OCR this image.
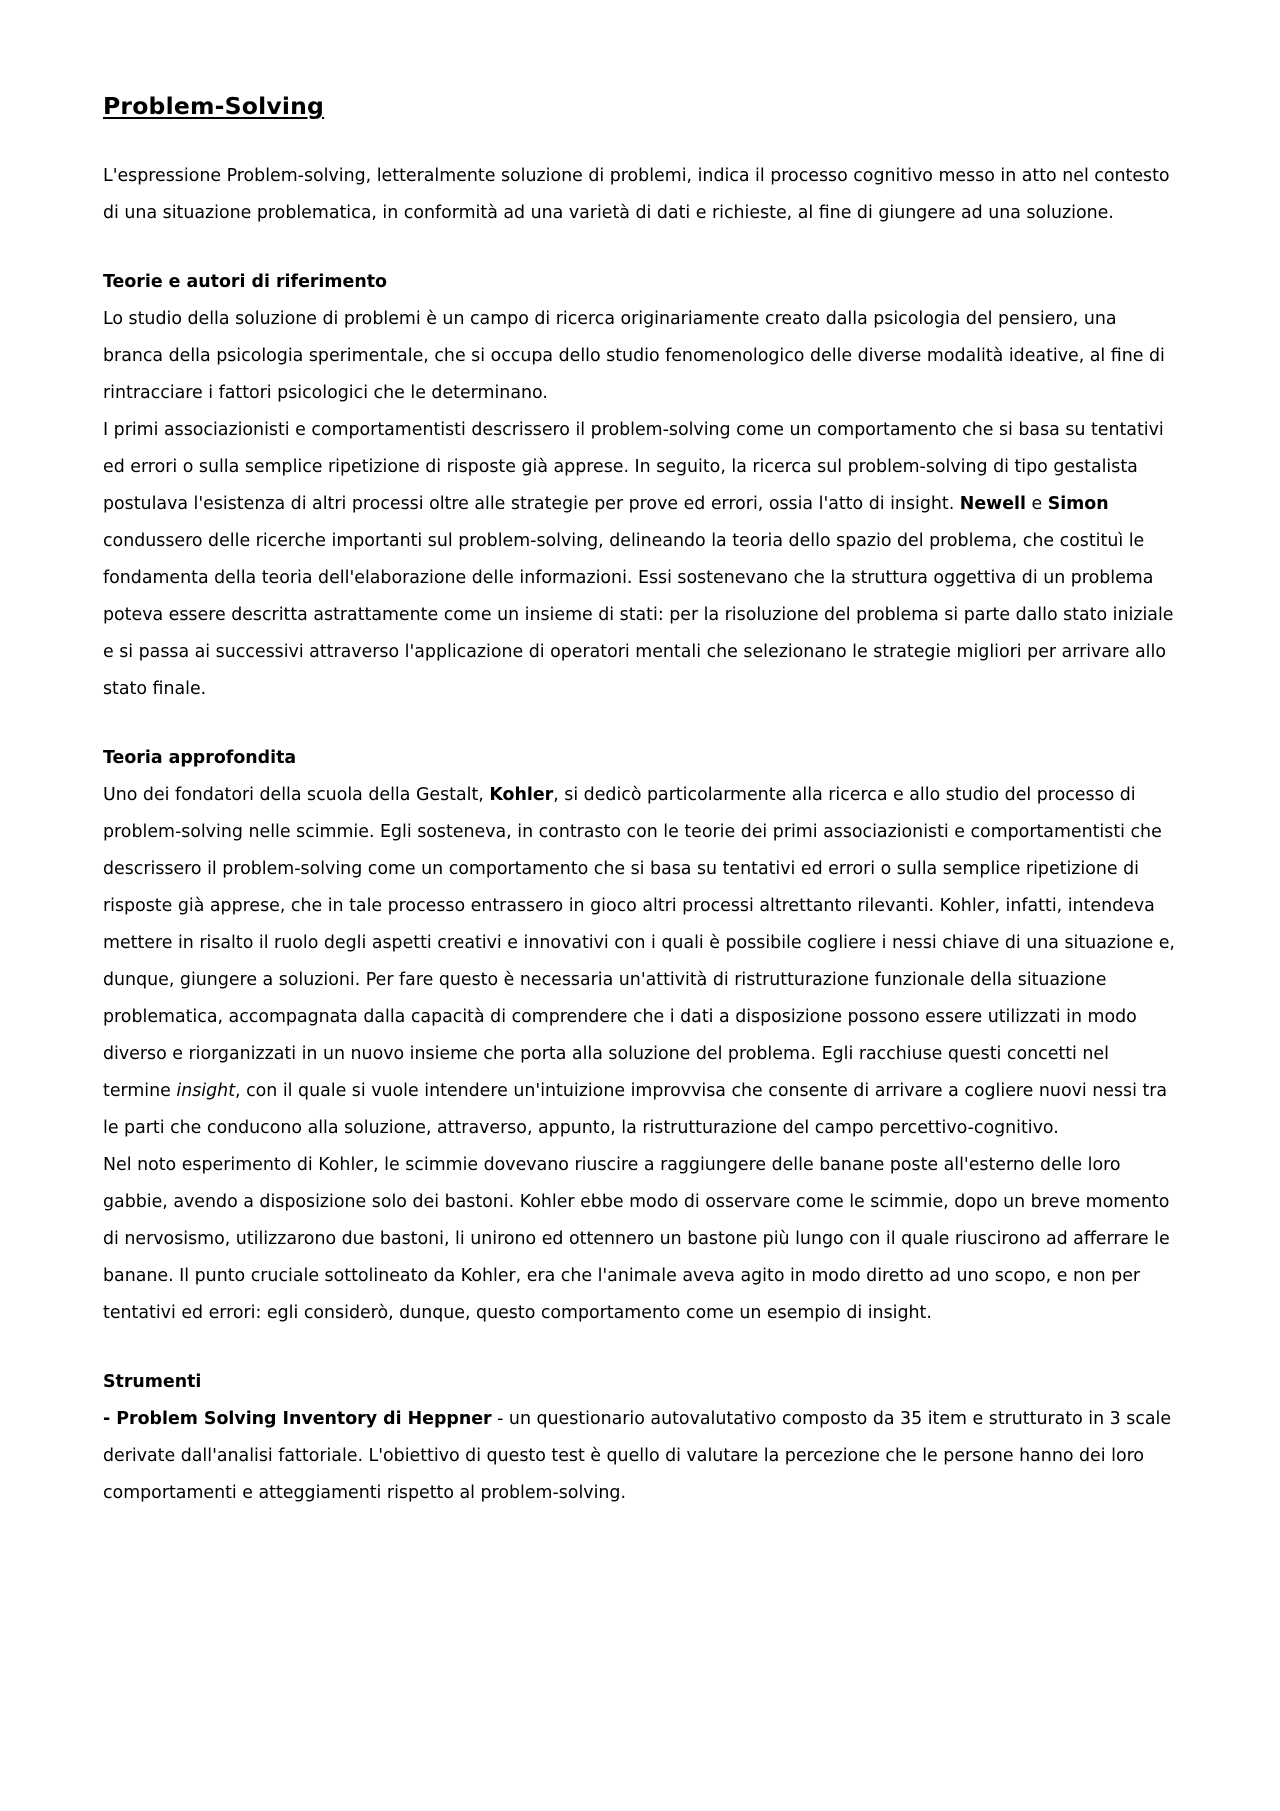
Problem-Solving

L'espressione Problem-solving, letteralmente soluzione di problemi, indica il processo cognitivo messo in atto nel contesto di una situazione problematica, in conformità ad una varietà di dati e richieste, al fine di giungere ad una soluzione.

Teorie e autori di riferimento

Lo studio della soluzione di problemi è un campo di ricerca originariamente creato dalla psicologia del pensiero, una branca della psicologia sperimentale, che si occupa dello studio fenomenologico delle diverse modalità ideative, al fine di rintracciare i fattori psicologici che le determinano.

I primi associazionisti e comportamentisti descrissero il problem-solving come un comportamento che si basa su tentativi ed errori o sulla semplice ripetizione di risposte già apprese. In seguito, la ricerca sul problem-solving di tipo gestalista postulava l'esistenza di altri processi oltre alle strategie per prove ed errori, ossia l'atto di insight. Newell e Simon condussero delle ricerche importanti sul problem-solving, delineando la teoria dello spazio del problema, che costituì le fondamenta della teoria dell'elaborazione delle informazioni. Essi sostenevano che la struttura oggettiva di un problema poteva essere descritta astrattamente come un insieme di stati: per la risoluzione del problema si parte dallo stato iniziale e si passa ai successivi attraverso l'applicazione di operatori mentali che selezionano le strategie migliori per arrivare allo stato finale.

Teoria approfondita

Uno dei fondatori della scuola della Gestalt, Kohler, si dedicò particolarmente alla ricerca e allo studio del processo di problem-solving nelle scimmie. Egli sosteneva, in contrasto con le teorie dei primi associazionisti e comportamentisti che descrissero il problem-solving come un comportamento che si basa su tentativi ed errori o sulla semplice ripetizione di risposte già apprese, che in tale processo entrassero in gioco altri processi altrettanto rilevanti. Kohler, infatti, intendeva mettere in risalto il ruolo degli aspetti creativi e innovativi con i quali è possibile cogliere i nessi chiave di una situazione e, dunque, giungere a soluzioni. Per fare questo è necessaria un'attività di ristrutturazione funzionale della situazione problematica, accompagnata dalla capacità di comprendere che i dati a disposizione possono essere utilizzati in modo diverso e riorganizzati in un nuovo insieme che porta alla soluzione del problema. Egli racchiuse questi concetti nel termine insight, con il quale si vuole intendere un'intuizione improvvisa che consente di arrivare a cogliere nuovi nessi tra le parti che conducono alla soluzione, attraverso, appunto, la ristrutturazione del campo percettivo-cognitivo.

Nel noto esperimento di Kohler, le scimmie dovevano riuscire a raggiungere delle banane poste all'esterno delle loro gabbie, avendo a disposizione solo dei bastoni. Kohler ebbe modo di osservare come le scimmie, dopo un breve momento di nervosismo, utilizzarono due bastoni, li unirono ed ottennero un bastone più lungo con il quale riuscirono ad afferrare le banane. Il punto cruciale sottolineato da Kohler, era che l'animale aveva agito in modo diretto ad uno scopo, e non per tentativi ed errori: egli considerò, dunque, questo comportamento come un esempio di insight.

Strumenti

- Problem Solving Inventory di Heppner - un questionario autovalutativo composto da 35 item e strutturato in 3 scale derivate dall'analisi fattoriale. L'obiettivo di questo test è quello di valutare la percezione che le persone hanno dei loro comportamenti e atteggiamenti rispetto al problem-solving.
